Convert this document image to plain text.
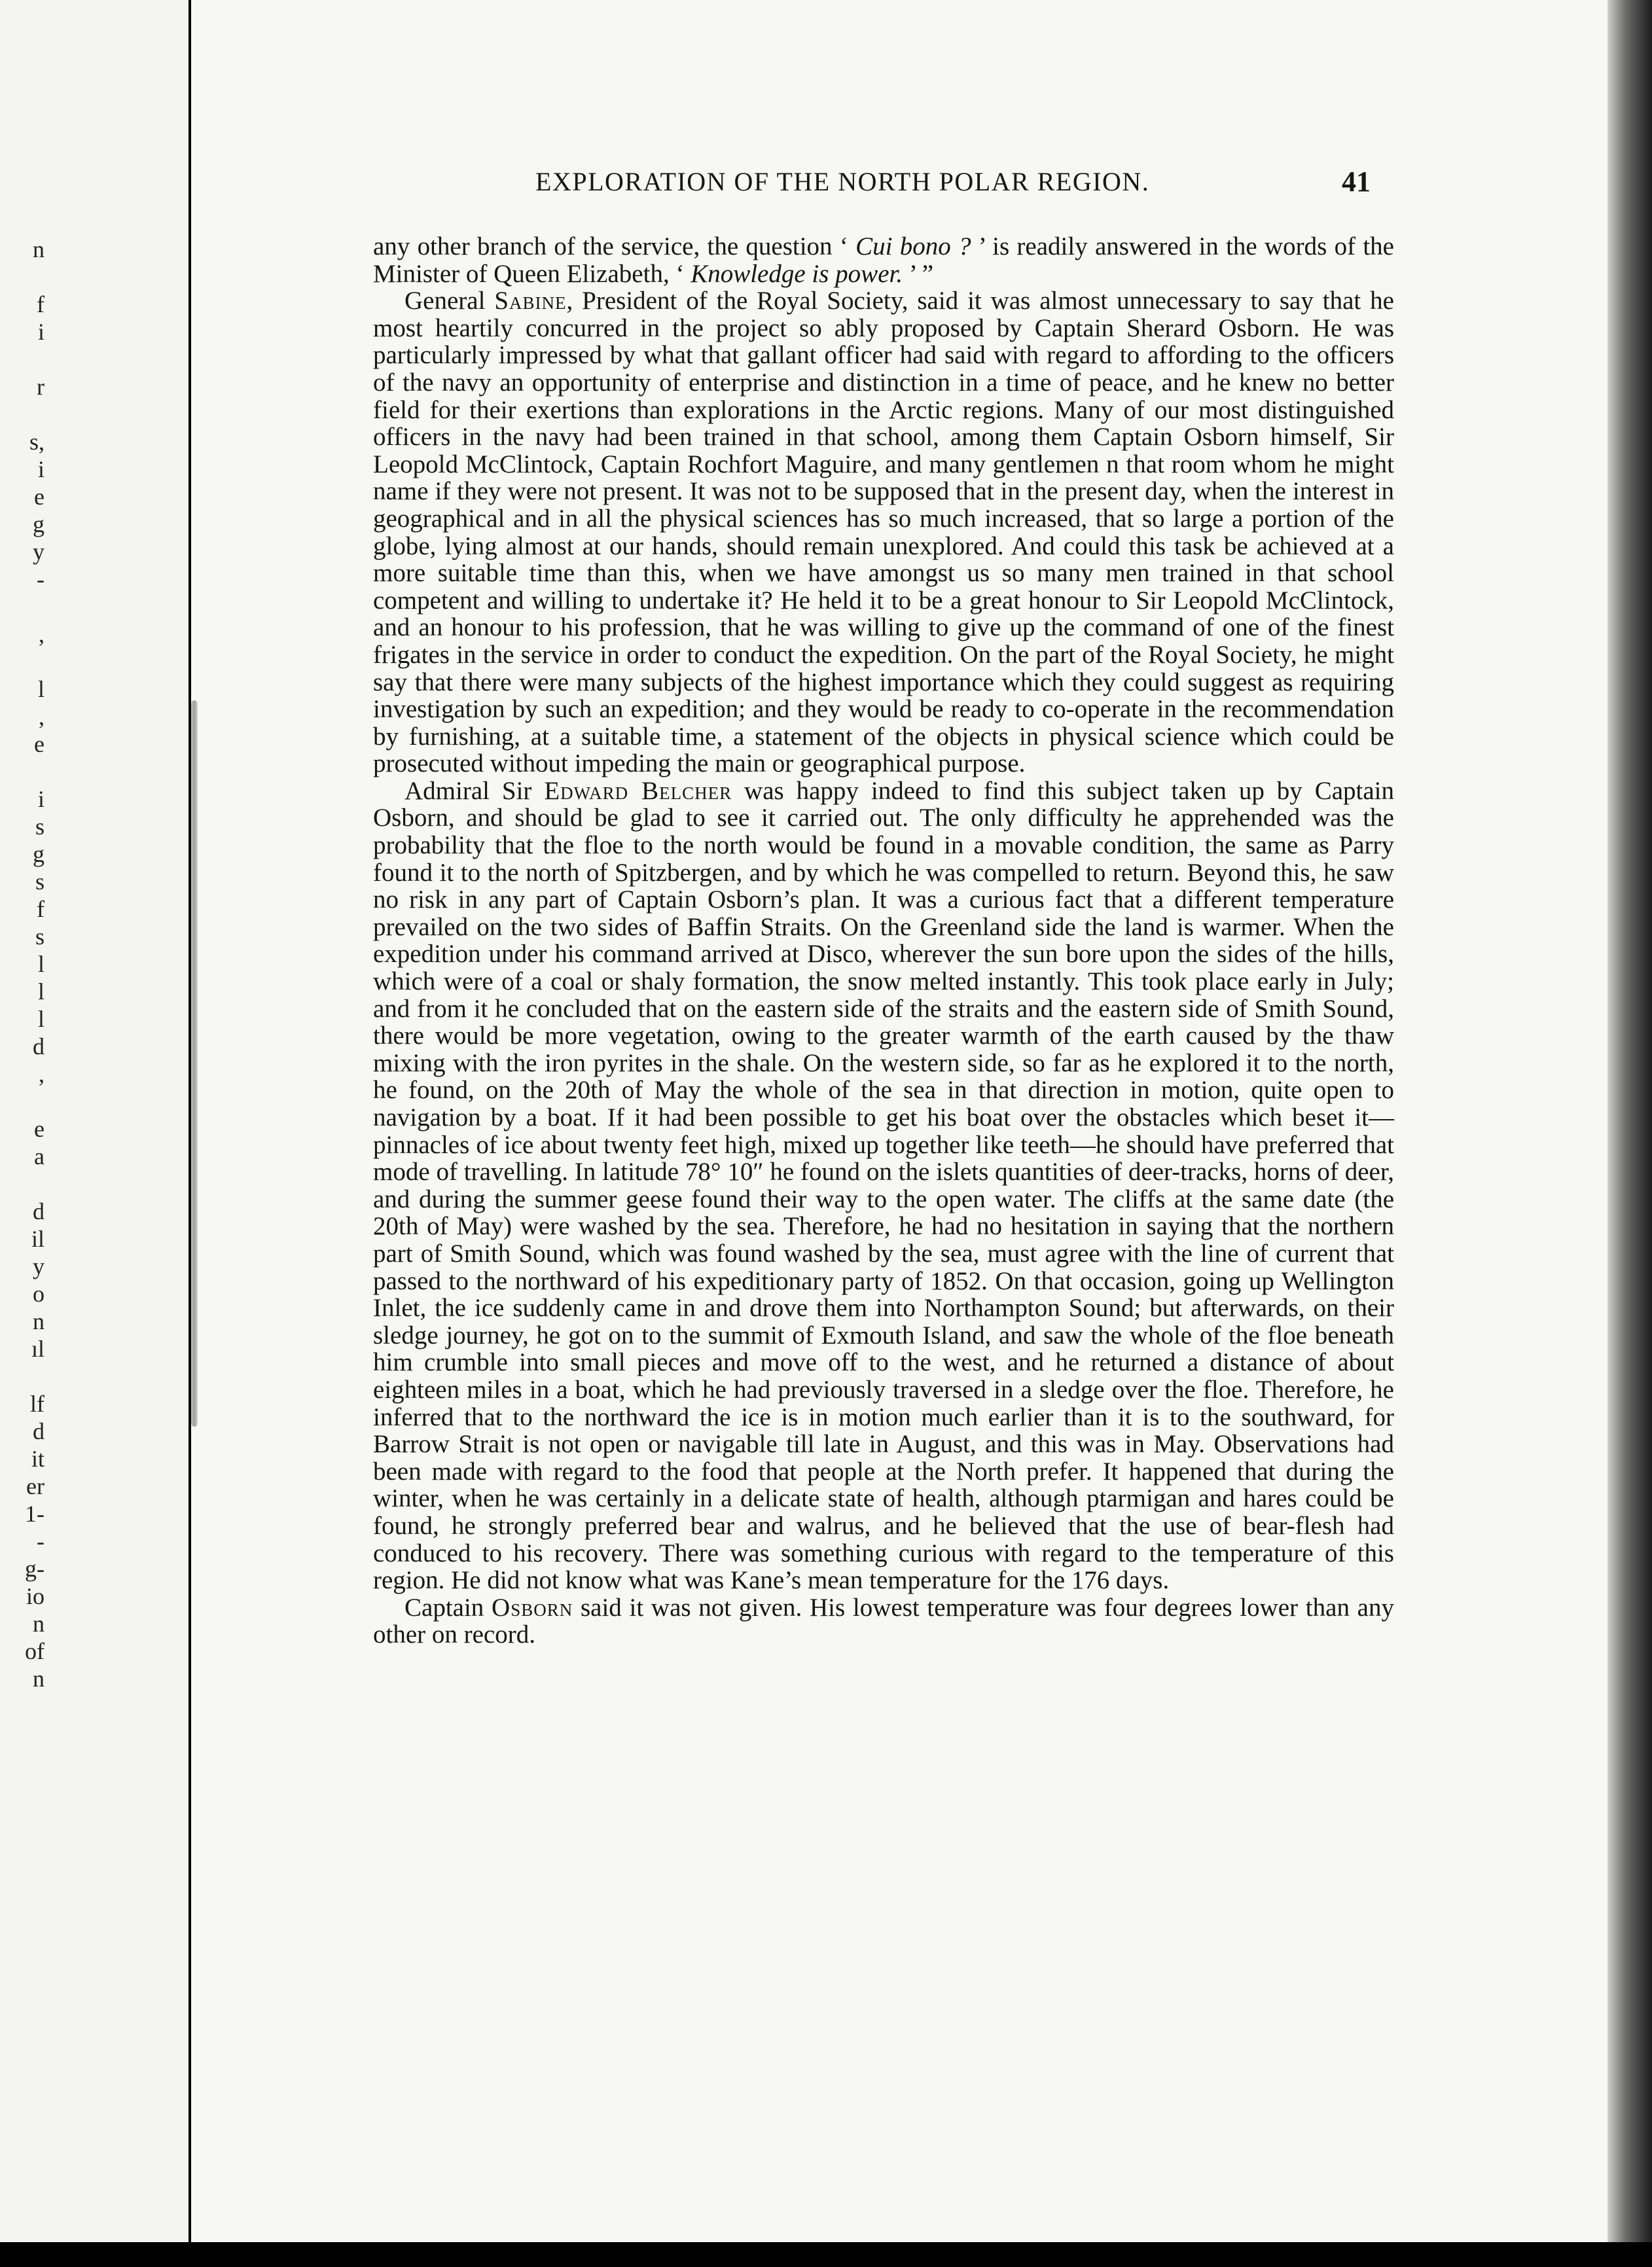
n
f
i
r
s,
i
e
g
y
-
,
l
,
e
i
s
g
s
f
s
l
l
l
d
,
e
a
d
il
y
o
n
ıl
lf
d
it
er
1-
-
g-
io
n
of
n
EXPLORATION OF THE NORTH POLAR REGION.	41

any other branch of the service, the question ‘ Cui bono ? ’ is readily answered in the words of the Minister of Queen Elizabeth, ‘ Knowledge is power. ’ ”

General Sabine, President of the Royal Society, said it was almost unnecessary to say that he most heartily concurred in the project so ably proposed by Captain Sherard Osborn. He was particularly impressed by what that gallant officer had said with regard to affording to the officers of the navy an opportunity of enterprise and distinction in a time of peace, and he knew no better field for their exertions than explorations in the Arctic regions. Many of our most distinguished officers in the navy had been trained in that school, among them Captain Osborn himself, Sir Leopold McClintock, Captain Rochfort Maguire, and many gentlemen n that room whom he might name if they were not present. It was not to be supposed that in the present day, when the interest in geographical and in all the physical sciences has so much increased, that so large a portion of the globe, lying almost at our hands, should remain unexplored. And could this task be achieved at a more suitable time than this, when we have amongst us so many men trained in that school competent and willing to undertake it? He held it to be a great honour to Sir Leopold McClintock, and an honour to his profession, that he was willing to give up the command of one of the finest frigates in the service in order to conduct the expedition. On the part of the Royal Society, he might say that there were many subjects of the highest importance which they could suggest as requiring investigation by such an expedition; and they would be ready to co-operate in the recommendation by furnishing, at a suitable time, a statement of the objects in physical science which could be prosecuted without impeding the main or geographical purpose.

Admiral Sir Edward Belcher was happy indeed to find this subject taken up by Captain Osborn, and should be glad to see it carried out. The only difficulty he apprehended was the probability that the floe to the north would be found in a movable condition, the same as Parry found it to the north of Spitzbergen, and by which he was compelled to return. Beyond this, he saw no risk in any part of Captain Osborn’s plan. It was a curious fact that a different temperature prevailed on the two sides of Baffin Straits. On the Greenland side the land is warmer. When the expedition under his command arrived at Disco, wherever the sun bore upon the sides of the hills, which were of a coal or shaly formation, the snow melted instantly. This took place early in July; and from it he concluded that on the eastern side of the straits and the eastern side of Smith Sound, there would be more vegetation, owing to the greater warmth of the earth caused by the thaw mixing with the iron pyrites in the shale. On the western side, so far as he explored it to the north, he found, on the 20th of May the whole of the sea in that direction in motion, quite open to navigation by a boat. If it had been possible to get his boat over the obstacles which beset it—pinnacles of ice about twenty feet high, mixed up together like teeth—he should have preferred that mode of travelling. In latitude 78° 10″ he found on the islets quantities of deer-tracks, horns of deer, and during the summer geese found their way to the open water. The cliffs at the same date (the 20th of May) were washed by the sea. Therefore, he had no hesitation in saying that the northern part of Smith Sound, which was found washed by the sea, must agree with the line of current that passed to the northward of his expeditionary party of 1852. On that occasion, going up Wellington Inlet, the ice suddenly came in and drove them into Northampton Sound; but afterwards, on their sledge journey, he got on to the summit of Exmouth Island, and saw the whole of the floe beneath him crumble into small pieces and move off to the west, and he returned a distance of about eighteen miles in a boat, which he had previously traversed in a sledge over the floe. Therefore, he inferred that to the northward the ice is in motion much earlier than it is to the southward, for Barrow Strait is not open or navigable till late in August, and this was in May. Observations had been made with regard to the food that people at the North prefer. It happened that during the winter, when he was certainly in a delicate state of health, although ptarmigan and hares could be found, he strongly preferred bear and walrus, and he believed that the use of bear-flesh had conduced to his recovery. There was something curious with regard to the temperature of this region. He did not know what was Kane’s mean temperature for the 176 days.

Captain Osborn said it was not given. His lowest temperature was four degrees lower than any other on record.
